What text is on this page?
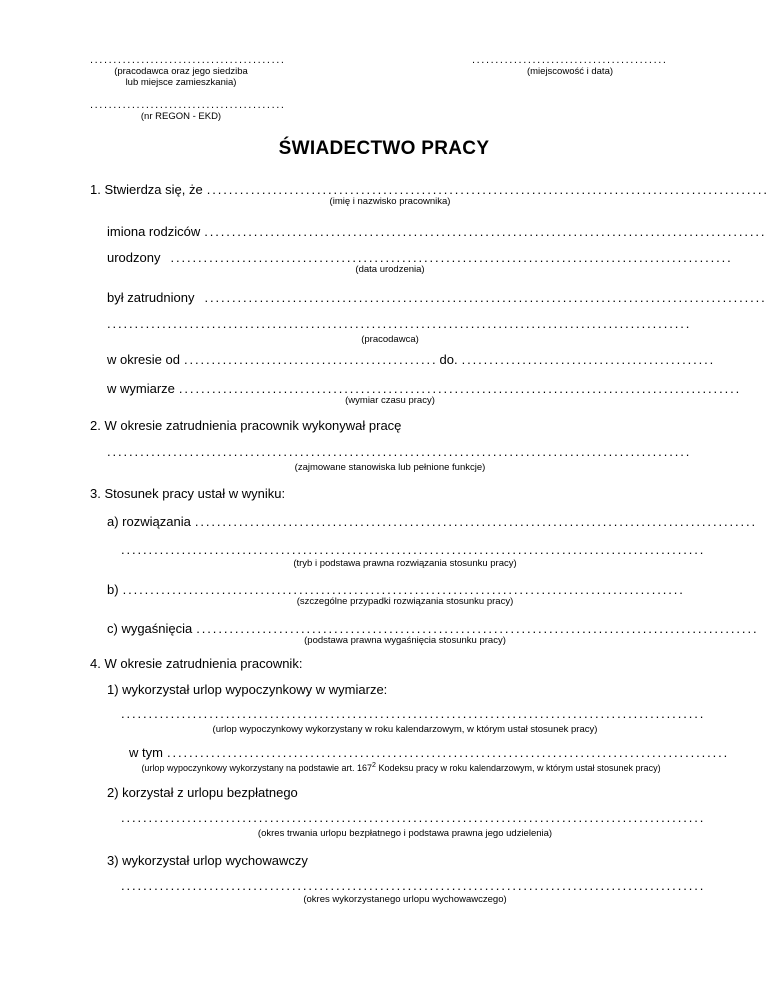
..........................................
(pracodawca oraz jego siedziba
lub miejsce zamieszkania)
..........................................
(miejscowość i data)
..........................................
(nr REGON - EKD)
ŚWIADECTWO PRACY
1. Stwierdza się, że ......................................................................................................
(imię i nazwisko pracownika)
imiona rodziców ......................................................................................................
urodzony ......................................................................................................
(data urodzenia)
był zatrudniony ......................................................................................................
..........................................................................................................
(pracodawca)
w okresie od .............................................. do. ..............................................
w wymiarze ......................................................................................................
(wymiar czasu pracy)
2. W okresie zatrudnienia pracownik wykonywał pracę
..........................................................................................................
(zajmowane stanowiska lub pełnione funkcje)
3. Stosunek pracy ustał w wyniku:
a) rozwiązania ......................................................................................................
..........................................................................................................
(tryb i podstawa prawna rozwiązania stosunku pracy)
b) ......................................................................................................
(szczególne przypadki rozwiązania stosunku pracy)
c) wygaśnięcia ......................................................................................................
(podstawa prawna wygaśnięcia stosunku pracy)
4. W okresie zatrudnienia pracownik:
1) wykorzystał urlop wypoczynkowy w wymiarze:
..........................................................................................................
(urlop wypoczynkowy wykorzystany w roku kalendarzowym, w którym ustał stosunek pracy)
w tym ......................................................................................................
(urlop wypoczynkowy wykorzystany na podstawie art. $167^2$ Kodeksu pracy w roku kalendarzowym, w którym ustał stosunek pracy)
2) korzystał z urlopu bezpłatnego
..........................................................................................................
(okres trwania urlopu bezpłatnego i podstawa prawna jego udzielenia)
3) wykorzystał urlop wychowawczy
..........................................................................................................
(okres wykorzystanego urlopu wychowawczego)
